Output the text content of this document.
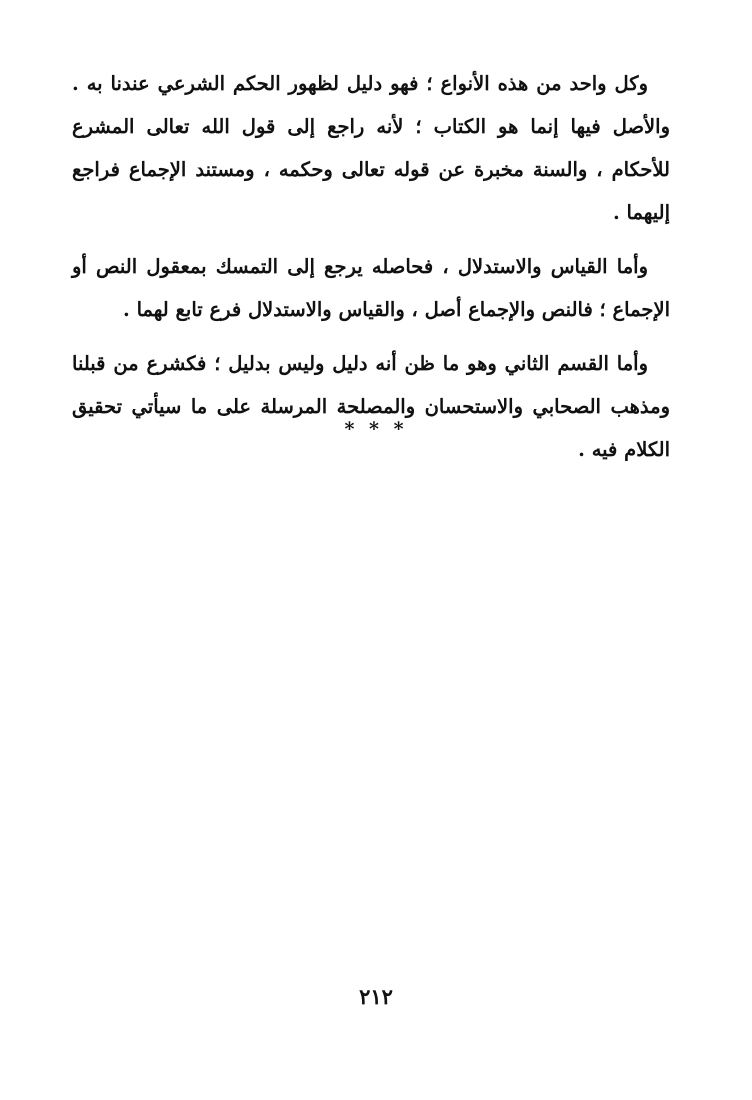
وكل واحد من هذه الأنواع ؛ فهو دليل لظهور الحكم الشرعي عندنا به . والأصل فيها إنما هو الكتاب ؛ لأنه راجع إلى قول الله تعالى المشرع للأحكام ، والسنة مخبرة عن قوله تعالى وحكمه ، ومستند الإجماع فراجع إليهما .

وأما القياس والاستدلال ، فحاصله يرجع إلى التمسك بمعقول النص أو الإجماع ؛ فالنص والإجماع أصل ، والقياس والاستدلال فرع تابع لهما .

وأما القسم الثاني وهو ما ظن أنه دليل وليس بدليل ؛ فكشرع من قبلنا ومذهب الصحابي والاستحسان والمصلحة المرسلة على ما سيأتي تحقيق الكلام فيه .

* * *
٢١٢
